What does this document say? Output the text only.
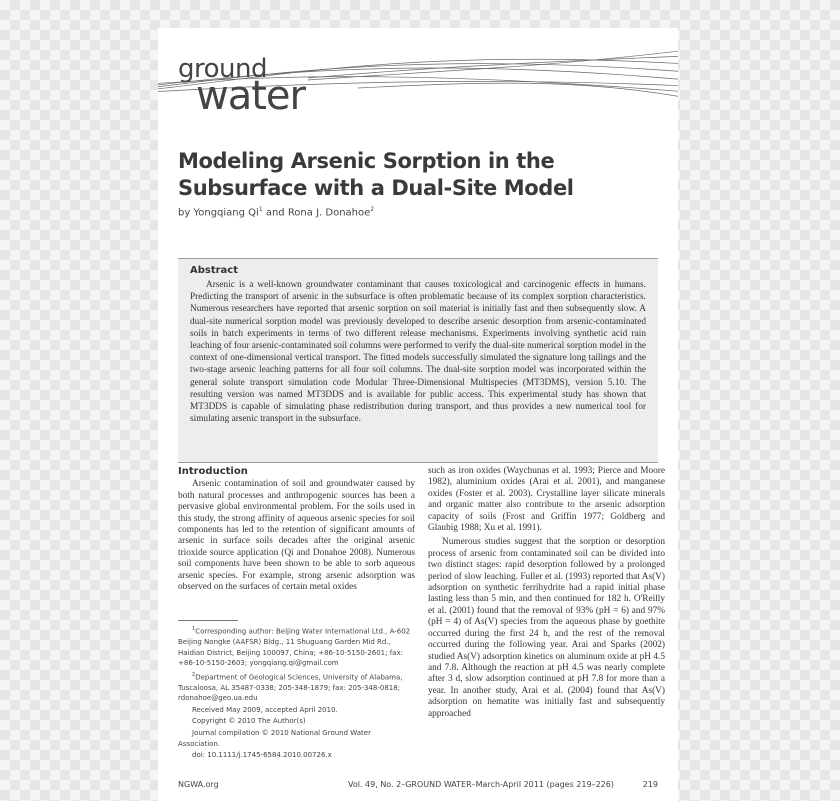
ground
water
Modeling Arsenic Sorption in the Subsurface with a Dual-Site Model
by Yongqiang Qi$^1$ and Rona J. Donahoe$^2$
Abstract
Arsenic is a well-known groundwater contaminant that causes toxicological and carcinogenic effects in humans. Predicting the transport of arsenic in the subsurface is often problematic because of its complex sorption characteristics. Numerous researchers have reported that arsenic sorption on soil material is initially fast and then subsequently slow. A dual-site numerical sorption model was previously developed to describe arsenic desorption from arsenic-contaminated soils in batch experiments in terms of two different release mechanisms. Experiments involving synthetic acid rain leaching of four arsenic-contaminated soil columns were performed to verify the dual-site numerical sorption model in the context of one-dimensional vertical transport. The fitted models successfully simulated the signature long tailings and the two-stage arsenic leaching patterns for all four soil columns. The dual-site sorption model was incorporated within the general solute transport simulation code Modular Three-Dimensional Multispecies (MT3DMS), version 5.10. The resulting version was named MT3DDS and is available for public access. This experimental study has shown that MT3DDS is capable of simulating phase redistribution during transport, and thus provides a new numerical tool for simulating arsenic transport in the subsurface.
Introduction

Arsenic contamination of soil and groundwater caused by both natural processes and anthropogenic sources has been a pervasive global environmental problem. For the soils used in this study, the strong affinity of aqueous arsenic species for soil components has led to the retention of significant amounts of arsenic in surface soils decades after the original arsenic trioxide source application (Qi and Donahoe 2008). Numerous soil components have been shown to be able to sorb aqueous arsenic species. For example, strong arsenic adsorption was observed on the surfaces of certain metal oxides

$^1$Corresponding author: Beijing Water International Ltd., A-602 Beijing Nongke (AAFSR) Bldg., 11 Shuguang Garden Mid Rd., Haidian District, Beijing 100097, China; +86-10-5150-2601; fax: +86-10-5150-2603; yongqiang.qi@gmail.com

$^2$Department of Geological Sciences, University of Alabama, Tuscaloosa, AL 35487-0338; 205-348-1879; fax: 205-348-0818; rdonahoe@geo.ua.edu

Received May 2009, accepted April 2010.

Copyright © 2010 The Author(s)

Journal compilation © 2010 National Ground Water Association.

doi: 10.1111/j.1745-6584.2010.00726.x

such as iron oxides (Waychunas et al. 1993; Pierce and Moore 1982), aluminium oxides (Arai et al. 2001), and manganese oxides (Foster et al. 2003). Crystalline layer silicate minerals and organic matter also contribute to the arsenic adsorption capacity of soils (Frost and Griffin 1977; Goldberg and Glaubig 1988; Xu et al. 1991).

Numerous studies suggest that the sorption or desorption process of arsenic from contaminated soil can be divided into two distinct stages: rapid desorption followed by a prolonged period of slow leaching. Fuller et al. (1993) reported that As(V) adsorption on synthetic ferrihydrite had a rapid initial phase lasting less than 5 min, and then continued for 182 h. O'Reilly et al. (2001) found that the removal of 93% (pH = 6) and 97% (pH = 4) of As(V) species from the aqueous phase by goethite occurred during the first 24 h, and the rest of the removal occurred during the following year. Arai and Sparks (2002) studied As(V) adsorption kinetics on aluminum oxide at pH 4.5 and 7.8. Although the reaction at pH 4.5 was nearly complete after 3 d, slow adsorption continued at pH 7.8 for more than a year. In another study, Arai et al. (2004) found that As(V) adsorption on hematite was initially fast and subsequently approached

NGWA.org	Vol. 49, No. 2–GROUND WATER–March-April 2011 (pages 219–226)	219
